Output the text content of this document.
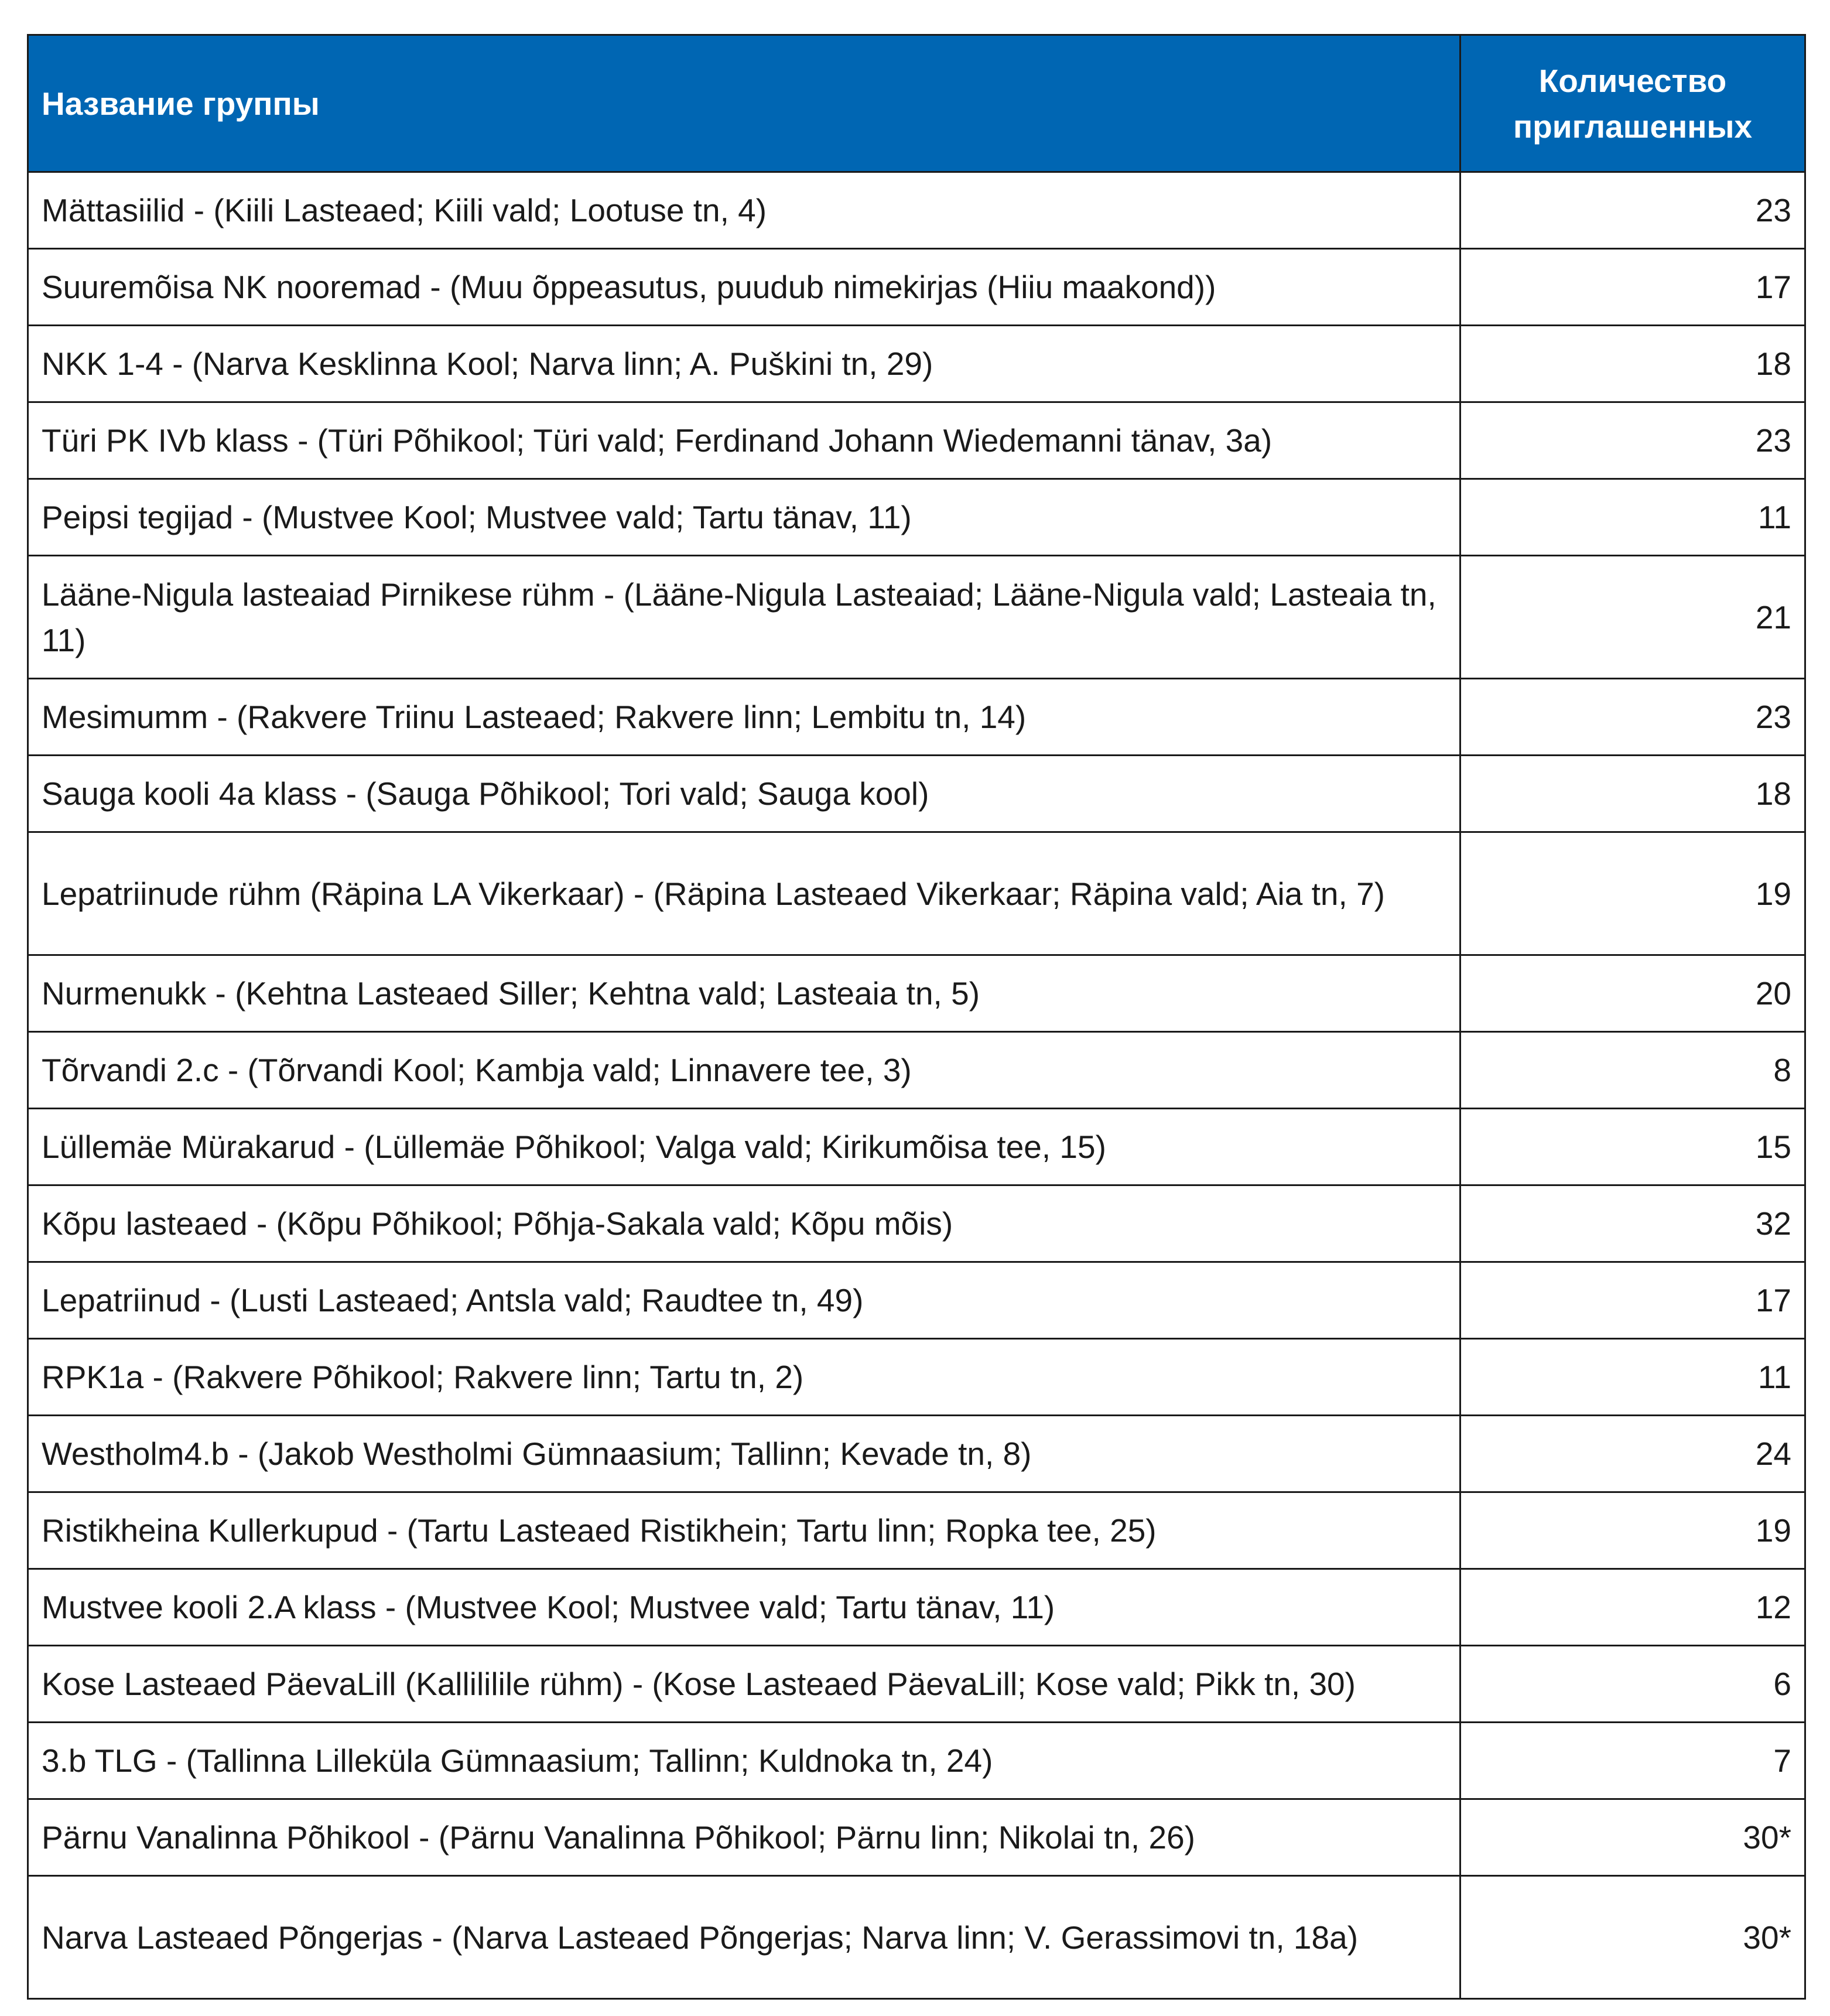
Название группы	Количество приглашенных
Mättasiilid - (Kiili Lasteaed; Kiili vald; Lootuse tn, 4)	23
Suuremõisa NK nooremad - (Muu õppeasutus, puudub nimekirjas (Hiiu maakond))	17
NKK 1-4 - (Narva Kesklinna Kool; Narva linn; A. Puškini tn, 29)	18
Türi PK IVb klass - (Türi Põhikool; Türi vald; Ferdinand Johann Wiedemanni tänav, 3a)	23
Peipsi tegijad - (Mustvee Kool; Mustvee vald; Tartu tänav, 11)	11
Lääne-Nigula lasteaiad Pirnikese rühm - (Lääne-Nigula Lasteaiad; Lääne-Nigula vald; Lasteaia tn, 11)	21
Mesimumm - (Rakvere Triinu Lasteaed; Rakvere linn; Lembitu tn, 14)	23
Sauga kooli 4a klass - (Sauga Põhikool; Tori vald; Sauga kool)	18
Lepatriinude rühm (Räpina LA Vikerkaar) - (Räpina Lasteaed Vikerkaar; Räpina vald; Aia tn, 7)	19
Nurmenukk - (Kehtna Lasteaed Siller; Kehtna vald; Lasteaia tn, 5)	20
Tõrvandi 2.c - (Tõrvandi Kool; Kambja vald; Linnavere tee, 3)	8
Lüllemäe Mürakarud - (Lüllemäe Põhikool; Valga vald; Kirikumõisa tee, 15)	15
Kõpu lasteaed - (Kõpu Põhikool; Põhja-Sakala vald; Kõpu mõis)	32
Lepatriinud - (Lusti Lasteaed; Antsla vald; Raudtee tn, 49)	17
RPK1a - (Rakvere Põhikool; Rakvere linn; Tartu tn, 2)	11
Westholm4.b - (Jakob Westholmi Gümnaasium; Tallinn; Kevade tn, 8)	24
Ristikheina Kullerkupud - (Tartu Lasteaed Ristikhein; Tartu linn; Ropka tee, 25)	19
Mustvee kooli 2.A klass - (Mustvee Kool; Mustvee vald; Tartu tänav, 11)	12
Kose Lasteaed PäevaLill (Kallililile rühm) - (Kose Lasteaed PäevaLill; Kose vald; Pikk tn, 30)	6
3.b TLG - (Tallinna Lilleküla Gümnaasium; Tallinn; Kuldnoka tn, 24)	7
Pärnu Vanalinna Põhikool - (Pärnu Vanalinna Põhikool; Pärnu linn; Nikolai tn, 26)	30*
Narva Lasteaed Põngerjas - (Narva Lasteaed Põngerjas; Narva linn; V. Gerassimovi tn, 18a)	30*
